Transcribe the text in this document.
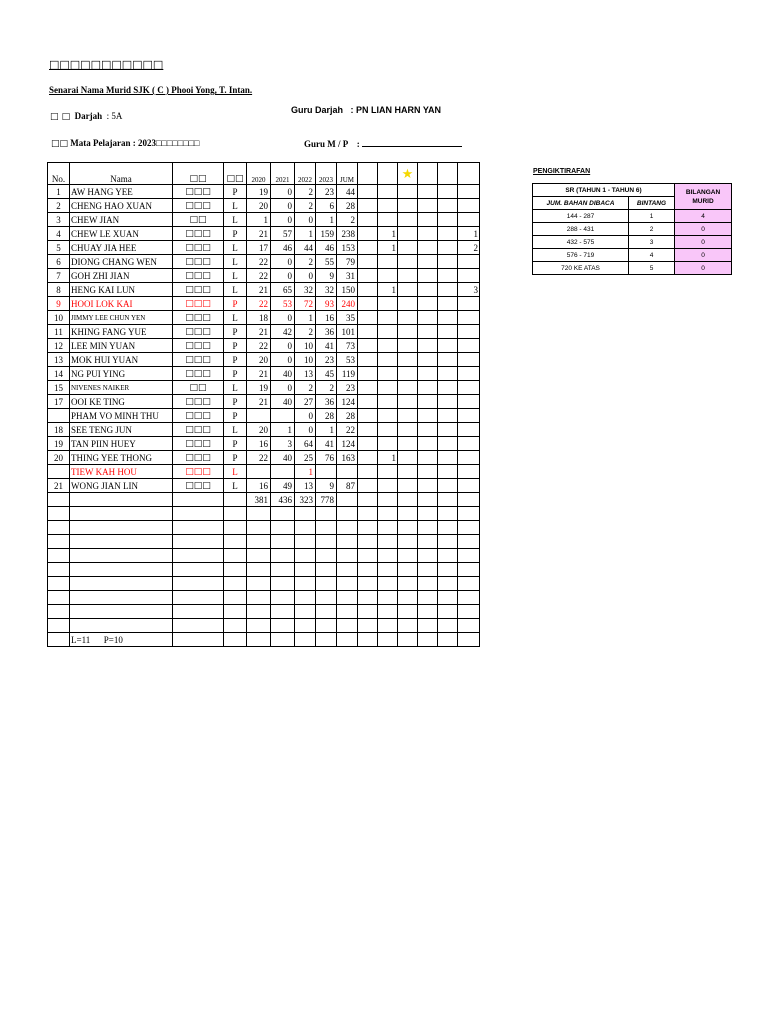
□□□□□□□□□□□
Senarai Nama Murid SJK ( C ) Phooi Yong, T. Intan.
□ □ Darjah : 5A
Guru Darjah : PN LIAN HARN YAN
□□ Mata Pelajaran : 2023□□□□□□□□	Guru M / P :
No.	Nama	□□	□□	2020	2021	2022	2023	JUM			★			
1	AW HANG YEE	□□□	P	19	0	2	23	44						
2	CHENG HAO XUAN	□□□	L	20	0	2	6	28						
3	CHEW JIAN	□□	L	1	0	0	1	2						
4	CHEW LE XUAN	□□□	P	21	57	1	159	238		1				1
5	CHUAY JIA HEE	□□□	L	17	46	44	46	153		1				2
6	DIONG CHANG WEN	□□□	L	22	0	2	55	79						
7	GOH ZHI JIAN	□□□	L	22	0	0	9	31						
8	HENG KAI LUN	□□□	L	21	65	32	32	150		1				3
9	HOOI LOK KAI	□□□	P	22	53	72	93	240						
10	JIMMY LEE CHUN YEN	□□□	L	18	0	1	16	35						
11	KHING FANG YUE	□□□	P	21	42	2	36	101						
12	LEE MIN YUAN	□□□	P	22	0	10	41	73						
13	MOK HUI YUAN	□□□	P	20	0	10	23	53						
14	NG PUI YING	□□□	P	21	40	13	45	119						
15	NIVENES NAIKER	□□	L	19	0	2	2	23						
17	OOI KE TING	□□□	P	21	40	27	36	124						
	PHAM VO MINH THU	□□□	P			0	28	28						
18	SEE TENG JUN	□□□	L	20	1	0	1	22						
19	TAN PIIN HUEY	□□□	P	16	3	64	41	124						
20	THING YEE THONG	□□□	P	22	40	25	76	163		1				
	TIEW KAH HOU	□□□	L			1								
21	WONG JIAN LIN	□□□	L	16	49	13	9	87						
				381	436	323	778							

	L=11      P=10													
PENGIKTIRAFAN
SR (TAHUN 1 - TAHUN 6)		BILANGAN MURID
JUM. BAHAN DIBACA	BINTANG	
144 - 287	1	4
288 - 431	2	0
432 - 575	3	0
576 - 719	4	0
720 KE ATAS	5	0
